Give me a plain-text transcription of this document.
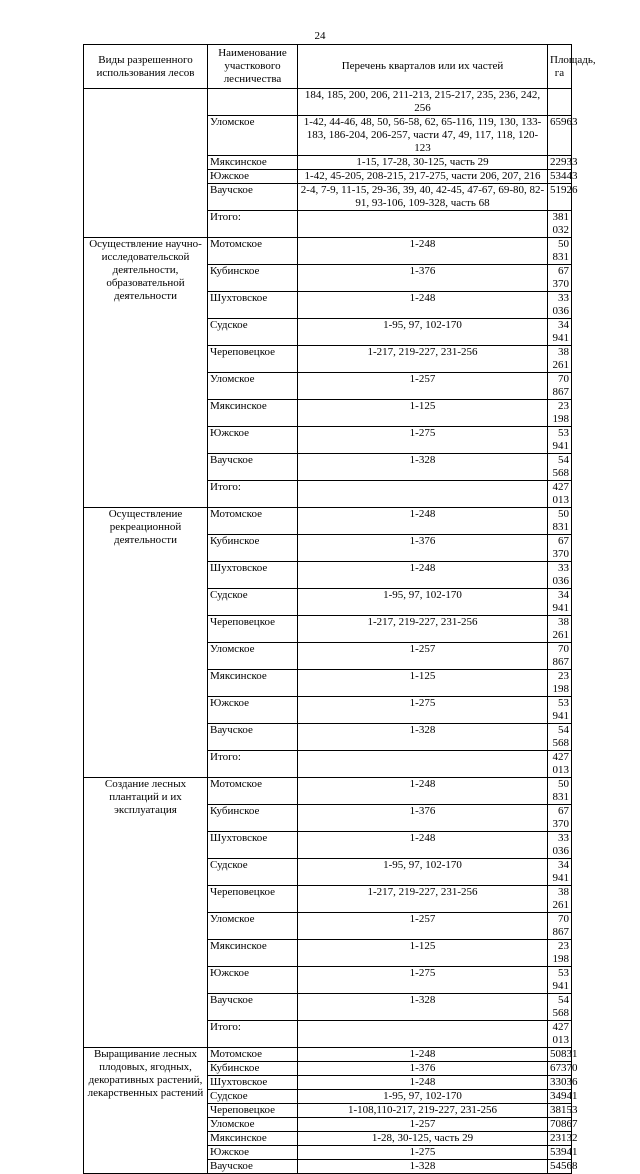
24
Виды разрешенного использования лесов	Наименование участкового лесничества	Перечень кварталов или их частей	Площадь, га
		184, 185, 200, 206, 211-213, 215-217, 235, 236, 242, 256	
	Уломское	1-42, 44-46, 48, 50, 56-58, 62, 65-116, 119, 130, 133-183, 186-204, 206-257, части 47, 49, 117, 118, 120-123	65963
	Мяксинское	1-15, 17-28, 30-125, часть 29	22933
	Южское	1-42, 45-205, 208-215, 217-275, части 206, 207, 216	53443
	Ваучское	2-4, 7-9, 11-15, 29-36, 39, 40, 42-45, 47-67, 69-80, 82-91, 93-106, 109-328, часть 68	51926
	Итого:		381 032
Осуществление научно-исследовательской деятельности, образовательной деятельности	Мотомское	1-248	50 831
	Кубинское	1-376	67 370
	Шухтовское	1-248	33 036
	Судское	1-95, 97, 102-170	34 941
	Череповецкое	1-217, 219-227, 231-256	38 261
	Уломское	1-257	70 867
	Мяксинское	1-125	23 198
	Южское	1-275	53 941
	Ваучское	1-328	54 568
	Итого:		427 013
Осуществление рекреационной деятельности	Мотомское	1-248	50 831
	Кубинское	1-376	67 370
	Шухтовское	1-248	33 036
	Судское	1-95, 97, 102-170	34 941
	Череповецкое	1-217, 219-227, 231-256	38 261
	Уломское	1-257	70 867
	Мяксинское	1-125	23 198
	Южское	1-275	53 941
	Ваучское	1-328	54 568
	Итого:		427 013
Создание лесных плантаций и их эксплуатация	Мотомское	1-248	50 831
	Кубинское	1-376	67 370
	Шухтовское	1-248	33 036
	Судское	1-95, 97, 102-170	34 941
	Череповецкое	1-217, 219-227, 231-256	38 261
	Уломское	1-257	70 867
	Мяксинское	1-125	23 198
	Южское	1-275	53 941
	Ваучское	1-328	54 568
	Итого:		427 013
Выращивание лесных плодовых, ягодных, декоративных растений, лекарственных растений	Мотомское	1-248	50831
	Кубинское	1-376	67370
	Шухтовское	1-248	33036
	Судское	1-95, 97, 102-170	34941
	Череповецкое	1-108,110-217, 219-227, 231-256	38153
	Уломское	1-257	70867
	Мяксинское	1-28, 30-125, часть 29	23132
	Южское	1-275	53941
	Ваучское	1-328	54568
